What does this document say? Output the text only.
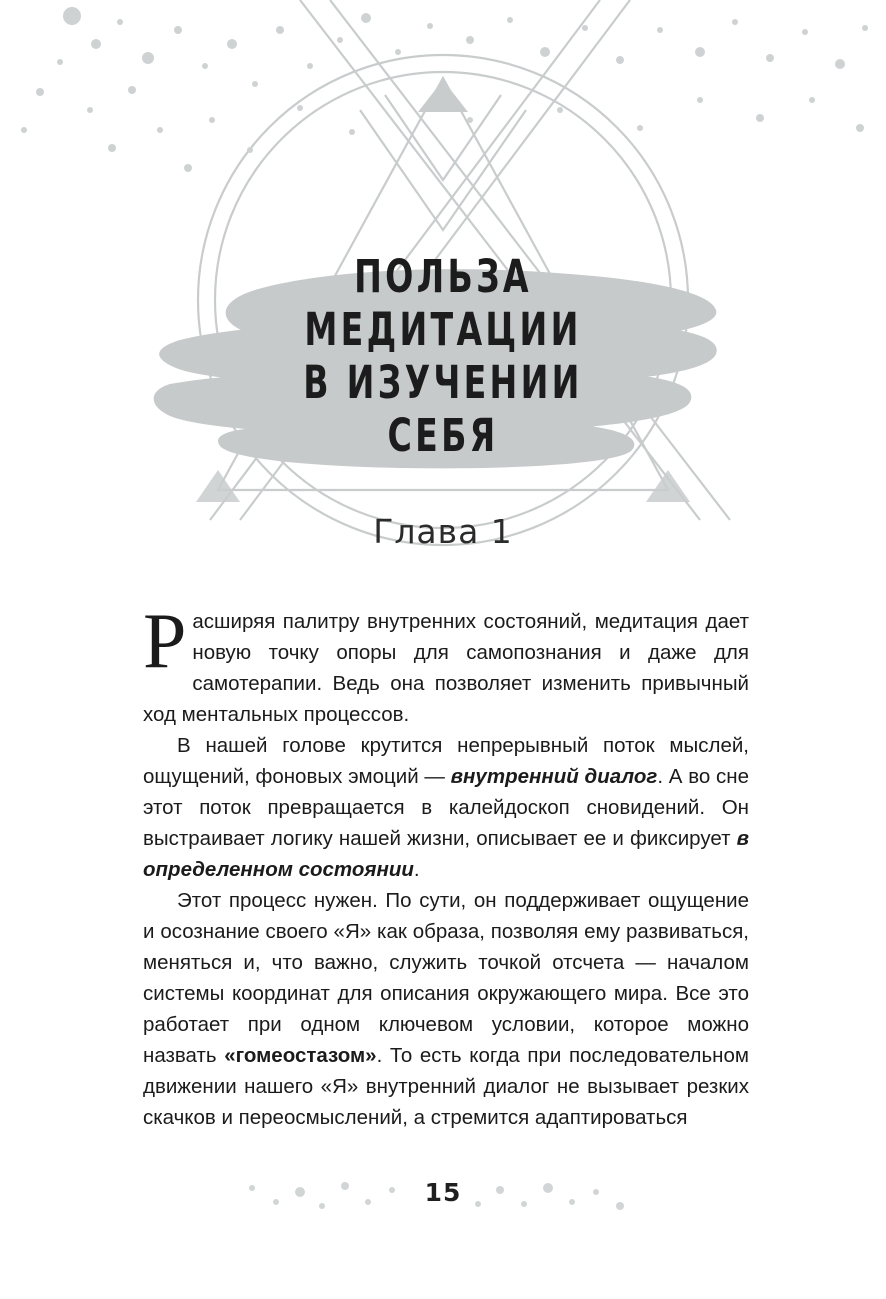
ПОЛЬЗА
МЕДИТАЦИИ
В ИЗУЧЕНИИ
СЕБЯ
Глава 1

Расширяя палитру внутренних состояний, медитация дает новую точку опоры для самопознания и даже для самотерапии. Ведь она позволяет изменить привычный ход ментальных процессов.

В нашей голове крутится непрерывный поток мыслей, ощущений, фоновых эмоций — внутренний диалог. А во сне этот поток превращается в калейдоскоп сновидений. Он выстраивает логику нашей жизни, описывает ее и фиксирует в определенном состоянии.

Этот процесс нужен. По сути, он поддерживает ощущение и осознание своего «Я» как образа, позволяя ему развиваться, меняться и, что важно, служить точкой отсчета — началом системы координат для описания окружающего мира. Все это работает при одном ключевом условии, которое можно назвать «гомеостазом». То есть когда при последовательном движении нашего «Я» внутренний диалог не вызывает резких скачков и переосмыслений, а стремится адаптироваться

15
